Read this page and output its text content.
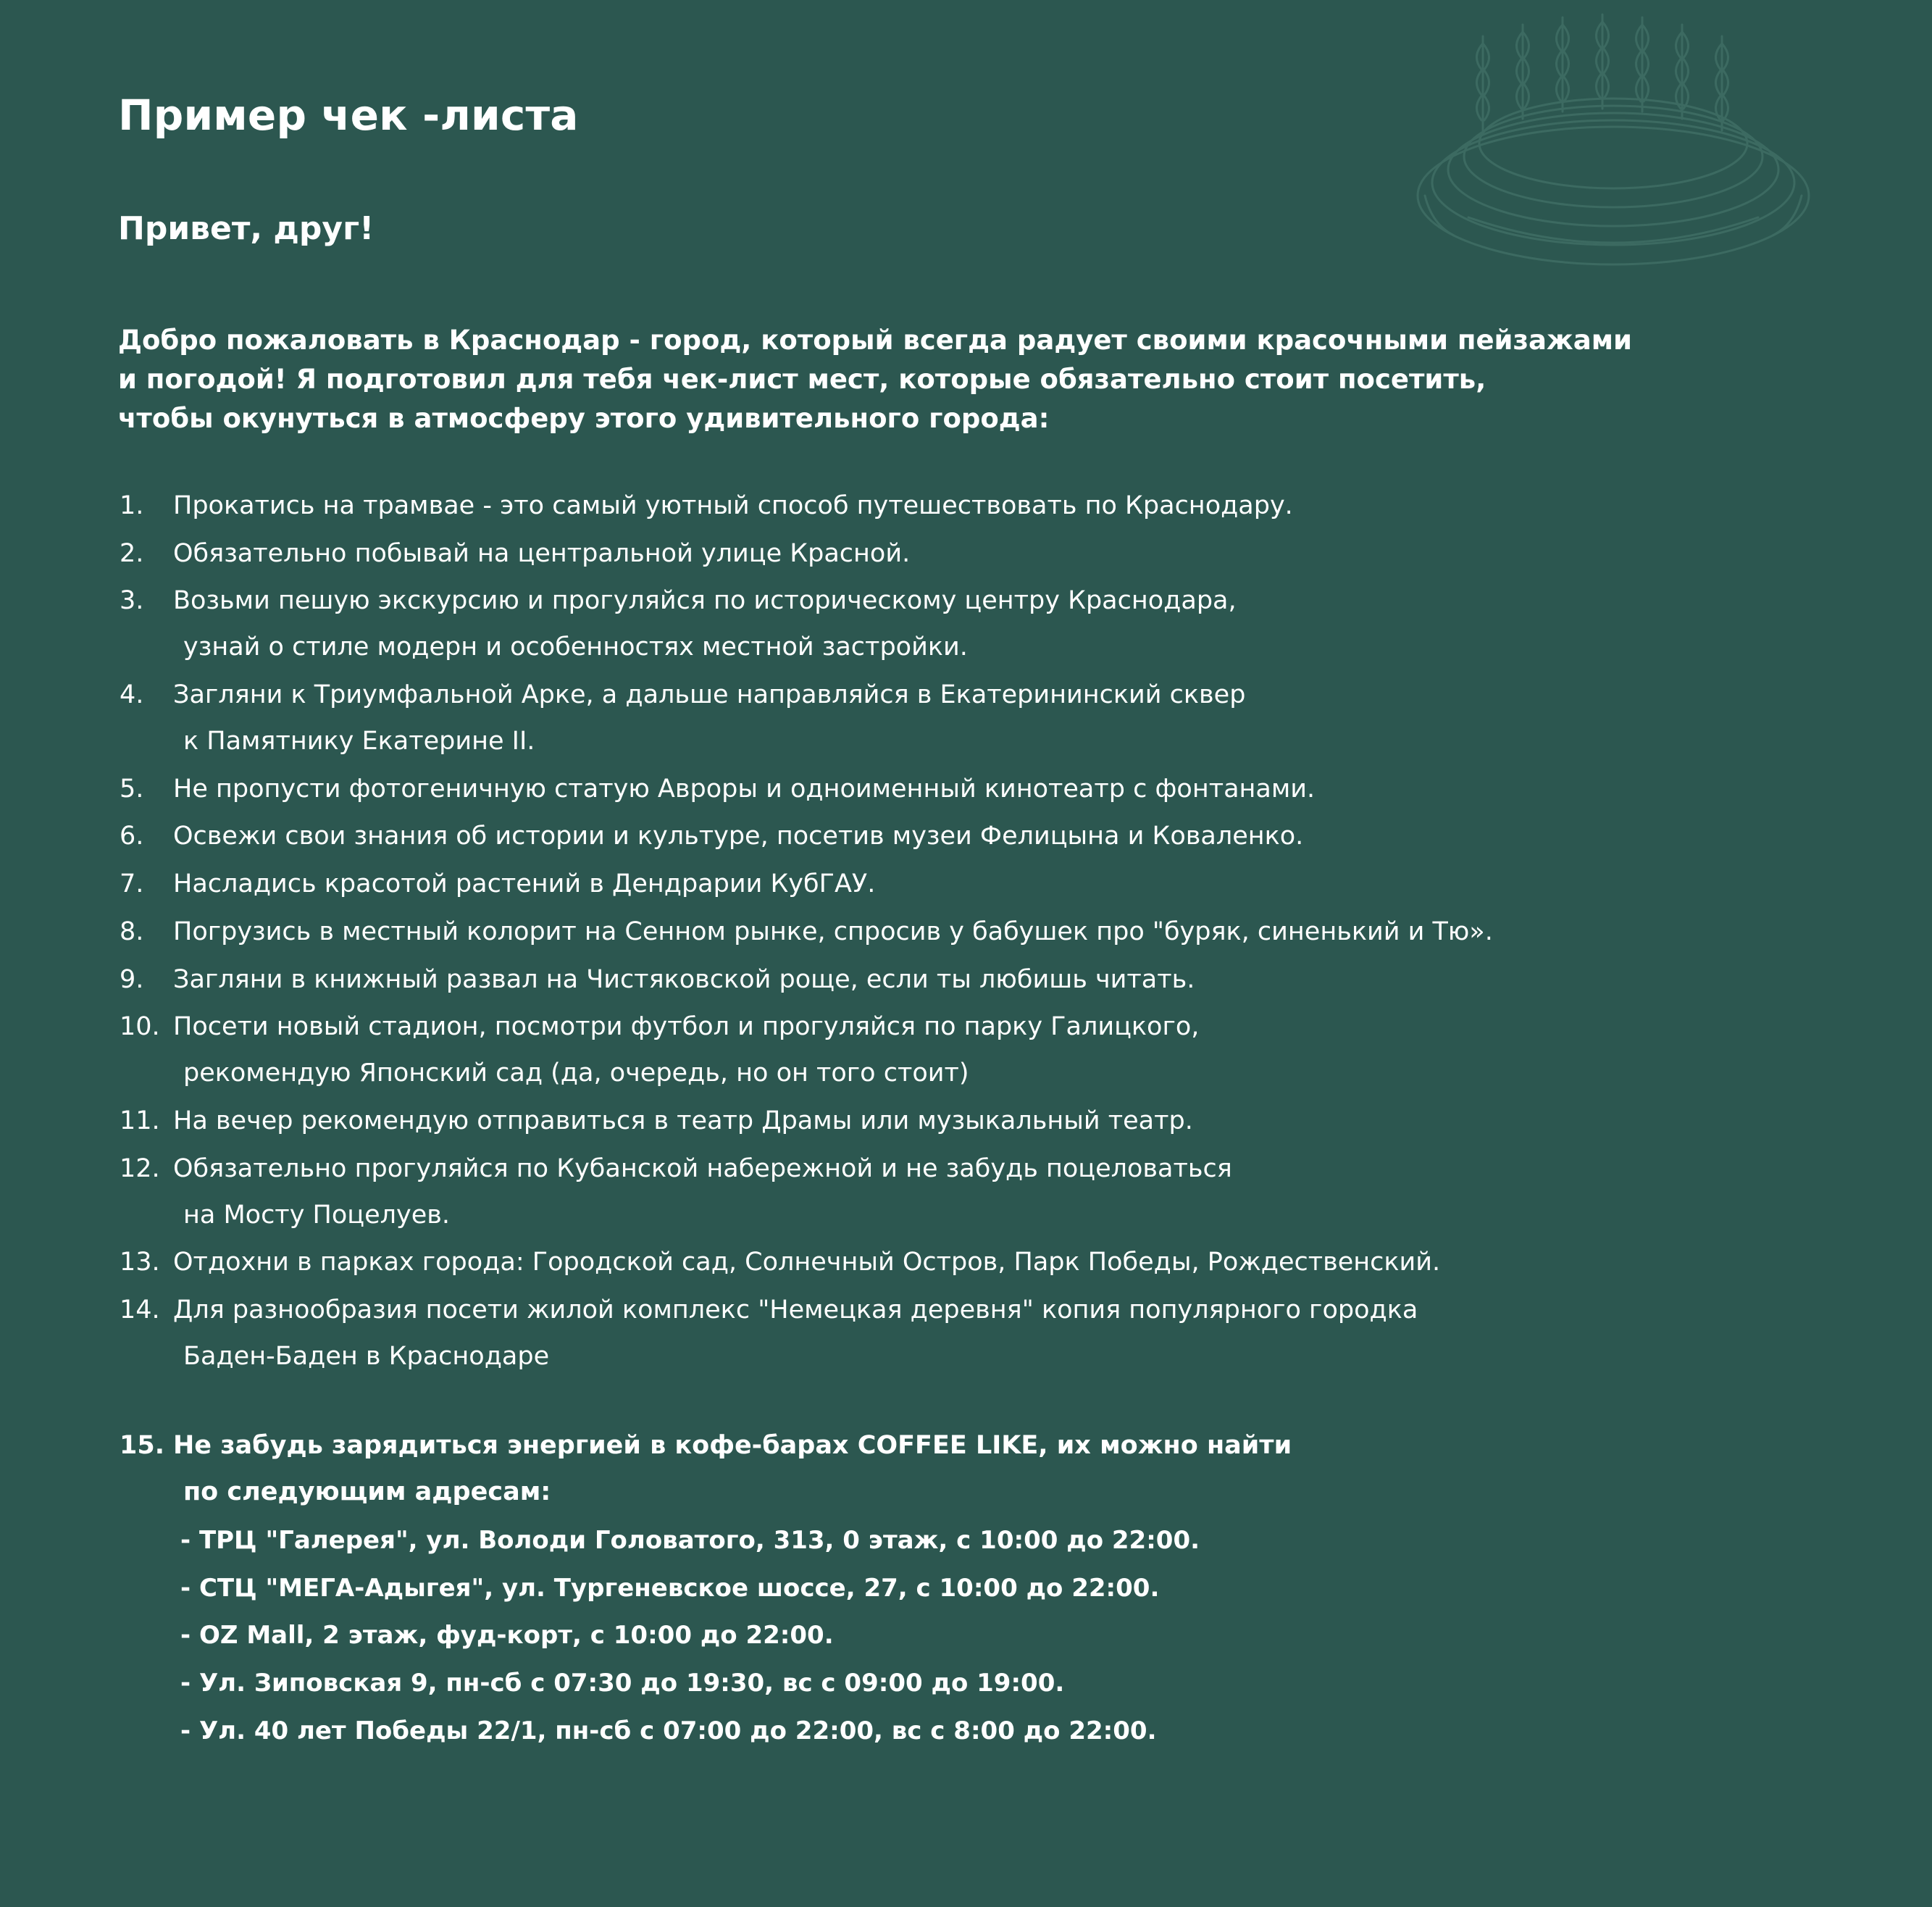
Пример чек -листа
Привет, друг!
Добро пожаловать в Краснодар - город, который всегда радует своими красочными пейзажами
и погодой! Я подготовил для тебя чек-лист мест, которые обязательно стоит посетить,
чтобы окунуться в атмосферу этого удивительного города:
1.	Прокатись на трамвае - это самый уютный способ путешествовать по Краснодару.
2.	Обязательно побывай на центральной улице Красной.
3.	Возьми пешую экскурсию и прогуляйся по историческому центру Краснодара,
узнай о стиле модерн и особенностях местной застройки.
4.	Загляни к Триумфальной Арке, а дальше направляйся в Екатерининский сквер
к Памятнику Екатерине II.
5.	Не пропусти фотогеничную статую Авроры и одноименный кинотеатр с фонтанами.
6.	Освежи свои знания об истории и культуре, посетив музеи Фелицына и Коваленко.
7.	Насладись красотой растений в Дендрарии КубГАУ.
8.	Погрузись в местный колорит на Сенном рынке, спросив у бабушек про "буряк, синенький и Тю».
9.	Загляни в книжный развал на Чистяковской роще, если ты любишь читать.
10. Посети новый стадион, посмотри футбол и прогуляйся по парку Галицкого,
рекомендую Японский сад (да, очередь, но он того стоит)
11. На вечер рекомендую отправиться в театр Драмы или музыкальный театр.
12. Обязательно прогуляйся по Кубанской набережной и не забудь поцеловаться
на Мосту Поцелуев.
13. Отдохни в парках города: Городской сад, Солнечный Остров, Парк Победы, Рождественский.
14. Для разнообразия посети жилой комплекс "Немецкая деревня" копия популярного городка
Баден-Баден в Краснодаре
15. Не забудь зарядиться энергией в кофе-барах COFFEE LIKE, их можно найти
по следующим адресам:
- ТРЦ "Галерея", ул. Володи Головатого, 313, 0 этаж, с 10:00 до 22:00.
- СТЦ "МЕГА-Адыгея", ул. Тургеневское шоссе, 27, с 10:00 до 22:00.
- OZ Mall, 2 этаж, фуд-корт, с 10:00 до 22:00.
- Ул. Зиповская 9, пн-сб с 07:30 до 19:30, вс с 09:00 до 19:00.
- Ул. 40 лет Победы 22/1, пн-сб с 07:00 до 22:00, вс с 8:00 до 22:00.
